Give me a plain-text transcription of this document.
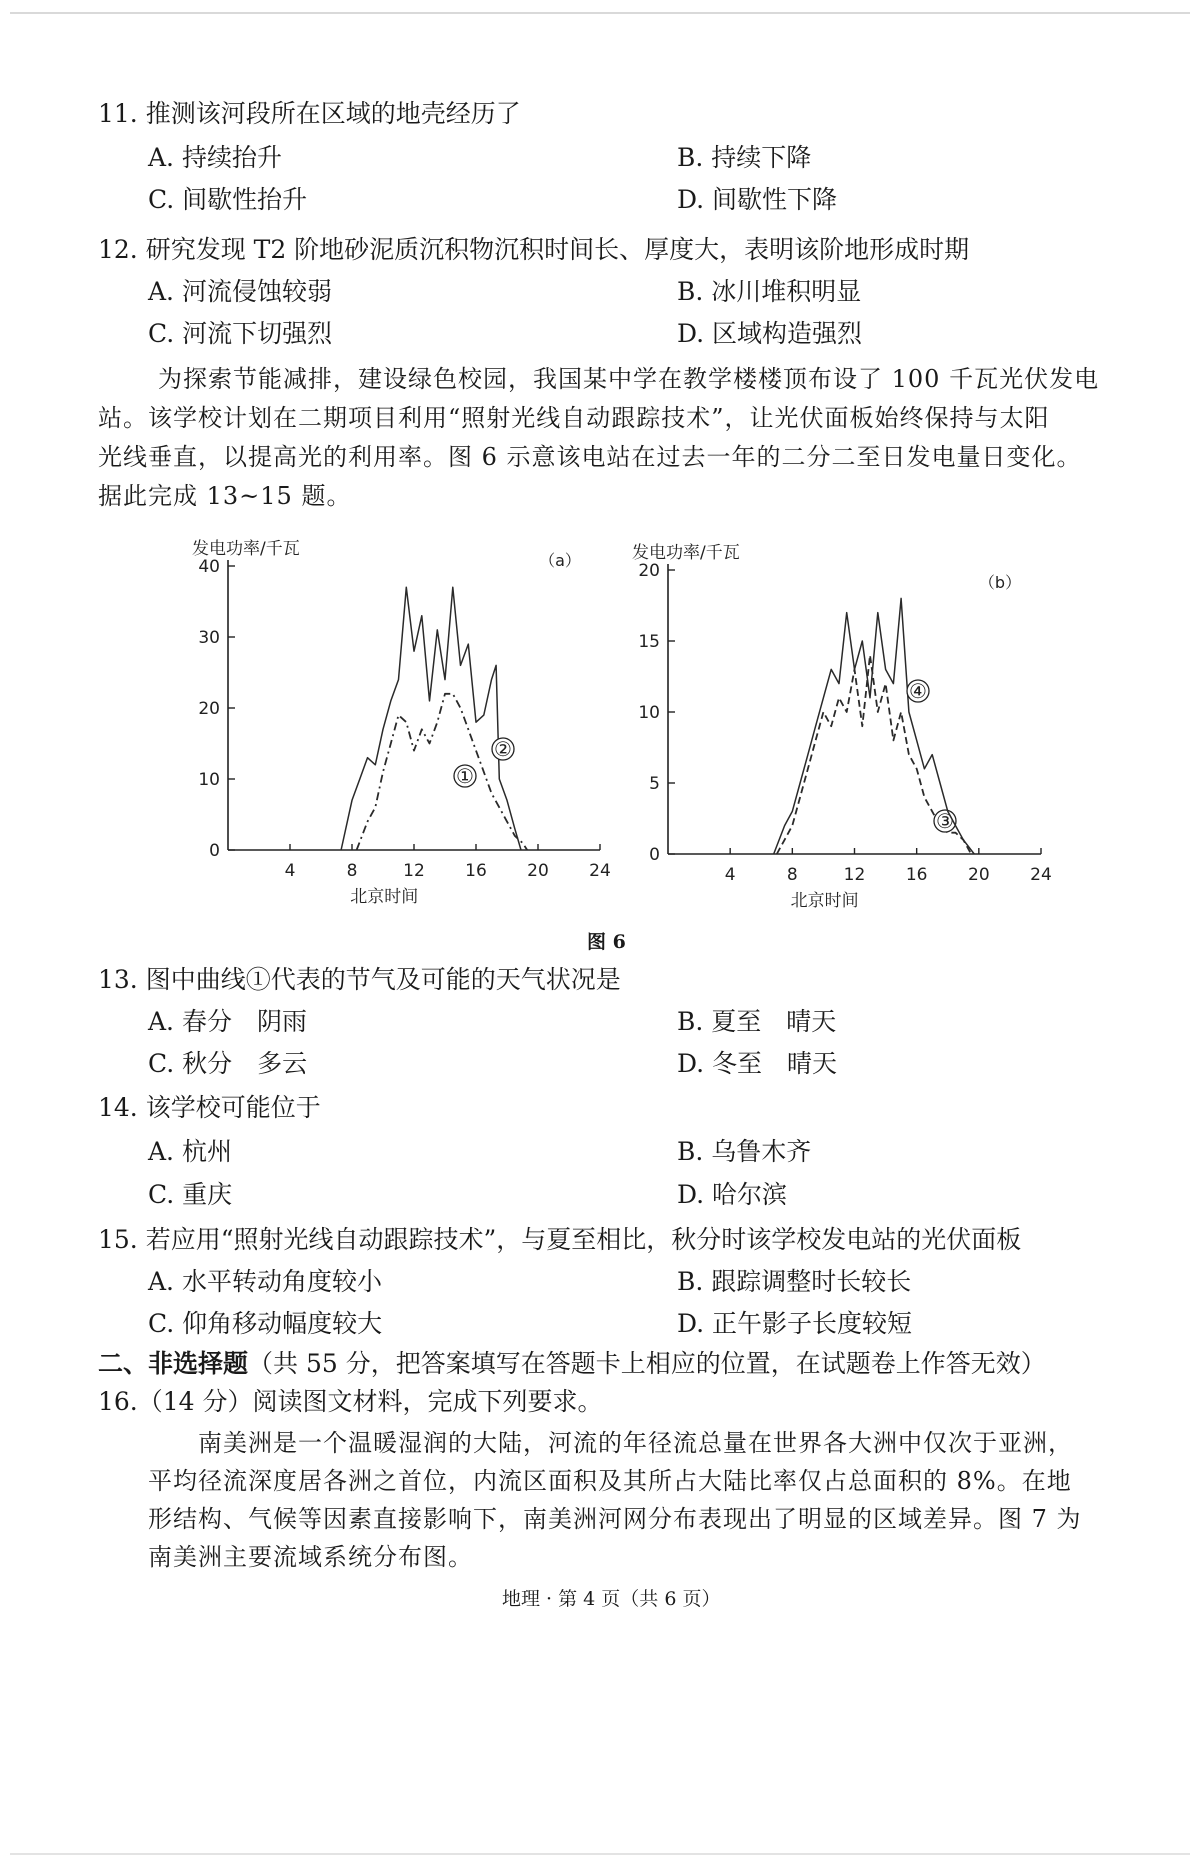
11. 推测该河段所在区域的地壳经历了
A. 持续抬升	B. 持续下降
C. 间歇性抬升	D. 间歇性下降
12. 研究发现 T2 阶地砂泥质沉积物沉积时间长、厚度大，表明该阶地形成时期
A. 河流侵蚀较弱	B. 冰川堆积明显
C. 河流下切强烈	D. 区域构造强烈
为探索节能减排，建设绿色校园，我国某中学在教学楼楼顶布设了 100 千瓦光伏发电
站。该学校计划在二期项目利用“照射光线自动跟踪技术”，让光伏面板始终保持与太阳
光线垂直，以提高光的利用率。图 6 示意该电站在过去一年的二分二至日发电量日变化。
据此完成 13~15 题。
0
10
20
30
40
4	8	12 16 20 24
发电功率/千瓦
北京时间
（a）
①
②
0
5
10
15
20
4	8	12 16 20 24
发电功率/千瓦
北京时间
（b）
③
④
图 6
13. 图中曲线①代表的节气及可能的天气状况是
A. 春分　阴雨	B. 夏至　晴天
C. 秋分　多云	D. 冬至　晴天
14. 该学校可能位于
A. 杭州	B. 乌鲁木齐
C. 重庆	D. 哈尔滨
15. 若应用“照射光线自动跟踪技术”，与夏至相比，秋分时该学校发电站的光伏面板
A. 水平转动角度较小	B. 跟踪调整时长较长
C. 仰角移动幅度较大	D. 正午影子长度较短
二、非选择题（共 55 分，把答案填写在答题卡上相应的位置，在试题卷上作答无效）
16.（14 分）阅读图文材料，完成下列要求。
南美洲是一个温暖湿润的大陆，河流的年径流总量在世界各大洲中仅次于亚洲，
平均径流深度居各洲之首位，内流区面积及其所占大陆比率仅占总面积的 8%。在地
形结构、气候等因素直接影响下，南美洲河网分布表现出了明显的区域差异。图 7 为
南美洲主要流域系统分布图。
地理 · 第 4 页（共 6 页）
